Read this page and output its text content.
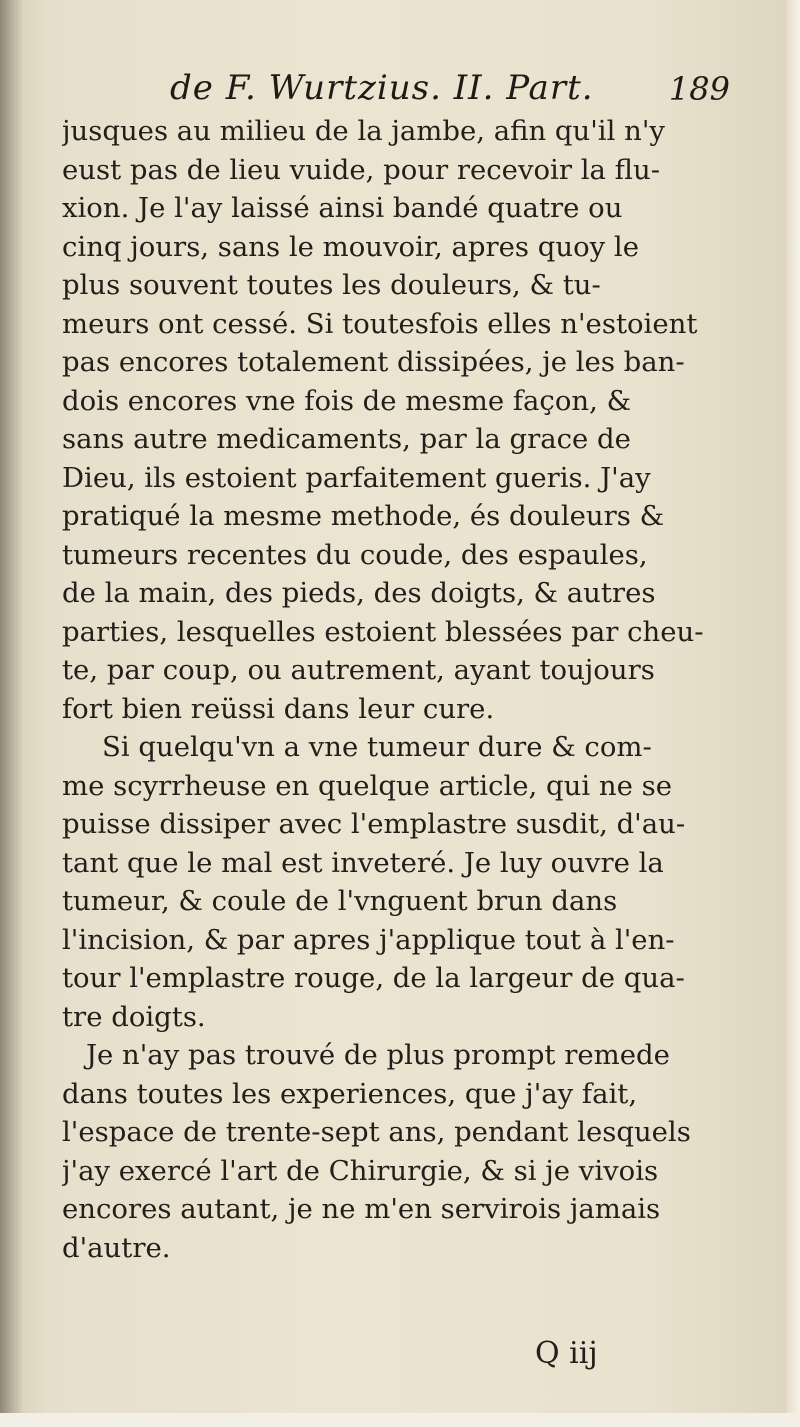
de F. Wurtzius. II. Part. 189
jusques au milieu de la jambe, afin qu'il n'y
eust pas de lieu vuide, pour recevoir la flu-
xion. Je l'ay laissé ainsi bandé quatre ou
cinq jours, sans le mouvoir, apres quoy le
plus souvent toutes les douleurs, & tu-
meurs ont cessé. Si toutesfois elles n'estoient
pas encores totalement dissipées, je les ban-
dois encores vne fois de mesme façon, &
sans autre medicaments, par la grace de
Dieu, ils estoient parfaitement gueris. J'ay
pratiqué la mesme methode, és douleurs &
tumeurs recentes du coude, des espaules,
de la main, des pieds, des doigts, & autres
parties, lesquelles estoient blessées par cheu-
te, par coup, ou autrement, ayant toujours
fort bien reüssi dans leur cure.
Si quelqu'vn a vne tumeur dure & com-
me scyrrheuse en quelque article, qui ne se
puisse dissiper avec l'emplastre susdit, d'au-
tant que le mal est inveteré. Je luy ouvre la
tumeur, & coule de l'vnguent brun dans
l'incision, & par apres j'applique tout à l'en-
tour l'emplastre rouge, de la largeur de qua-
tre doigts.
Je n'ay pas trouvé de plus prompt remede
dans toutes les experiences, que j'ay fait,
l'espace de trente-sept ans, pendant lesquels
j'ay exercé l'art de Chirurgie, & si je vivois
encores autant, je ne m'en servirois jamais
d'autre.
Q iij
